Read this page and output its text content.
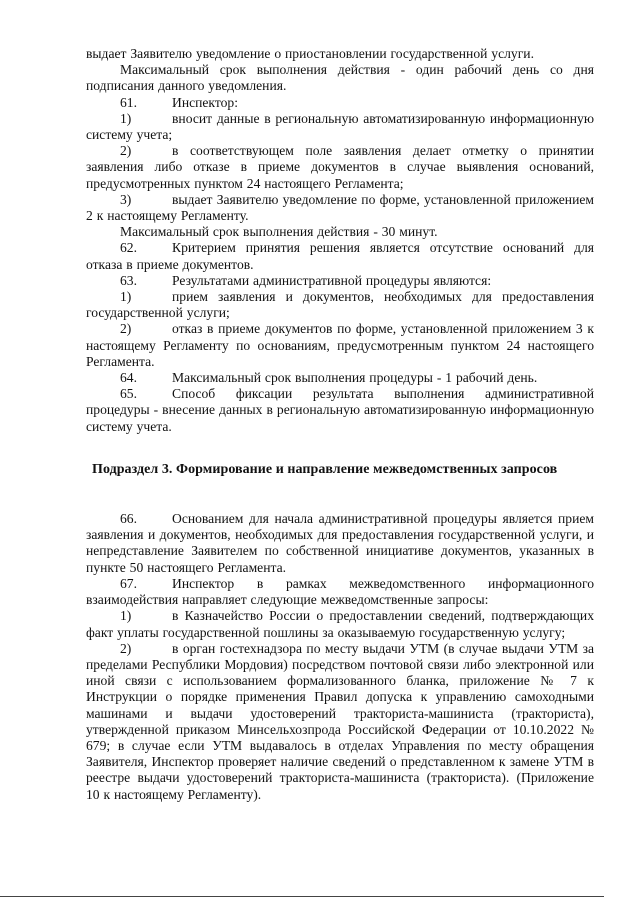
выдает Заявителю уведомление о приостановлении государственной услуги.

Максимальный срок выполнения действия - один рабочий день со дня подписания данного уведомления.

61.	Инспектор:

1)	вносит данные в региональную автоматизированную информационную систему учета;

2)	в соответствующем поле заявления делает отметку о принятии заявления либо отказе в приеме документов в случае выявления оснований, предусмотренных пунктом 24 настоящего Регламента;

3)	выдает Заявителю уведомление по форме, установленной приложением 2 к настоящему Регламенту.

Максимальный срок выполнения действия - 30 минут.

62.	Критерием принятия решения является отсутствие оснований для отказа в приеме документов.

63.	Результатами административной процедуры являются:

1)	прием заявления и документов, необходимых для предоставления государственной услуги;

2)	отказ в приеме документов по форме, установленной приложением 3 к настоящему Регламенту по основаниям, предусмотренным пунктом 24 настоящего Регламента.

64.	Максимальный срок выполнения процедуры - 1 рабочий день.

65.	Способ фиксации результата выполнения административной процедуры - внесение данных в региональную автоматизированную информационную систему учета.

Подраздел 3. Формирование и направление межведомственных запросов

66.	Основанием для начала административной процедуры является прием заявления и документов, необходимых для предоставления государственной услуги, и непредставление Заявителем по собственной инициативе документов, указанных в пункте 50 настоящего Регламента.

67.	Инспектор в рамках межведомственного информационного взаимодействия направляет следующие межведомственные запросы:

1)	в Казначейство России о предоставлении сведений, подтверждающих факт уплаты государственной пошлины за оказываемую государственную услугу;

2)	в орган гостехнадзора по месту выдачи УТМ (в случае выдачи УТМ за пределами Республики Мордовия) посредством почтовой связи либо электронной или иной связи с использованием формализованного бланка, приложение № 7 к Инструкции о порядке применения Правил допуска к управлению самоходными машинами и выдачи удостоверений тракториста-машиниста (тракториста), утвержденной приказом Минсельхозпрода Российской Федерации от 10.10.2022 № 679; в случае если УТМ выдавалось в отделах Управления по месту обращения Заявителя, Инспектор проверяет наличие сведений о представленном к замене УТМ в реестре выдачи удостоверений тракториста-машиниста (тракториста). (Приложение 10 к настоящему Регламенту).
